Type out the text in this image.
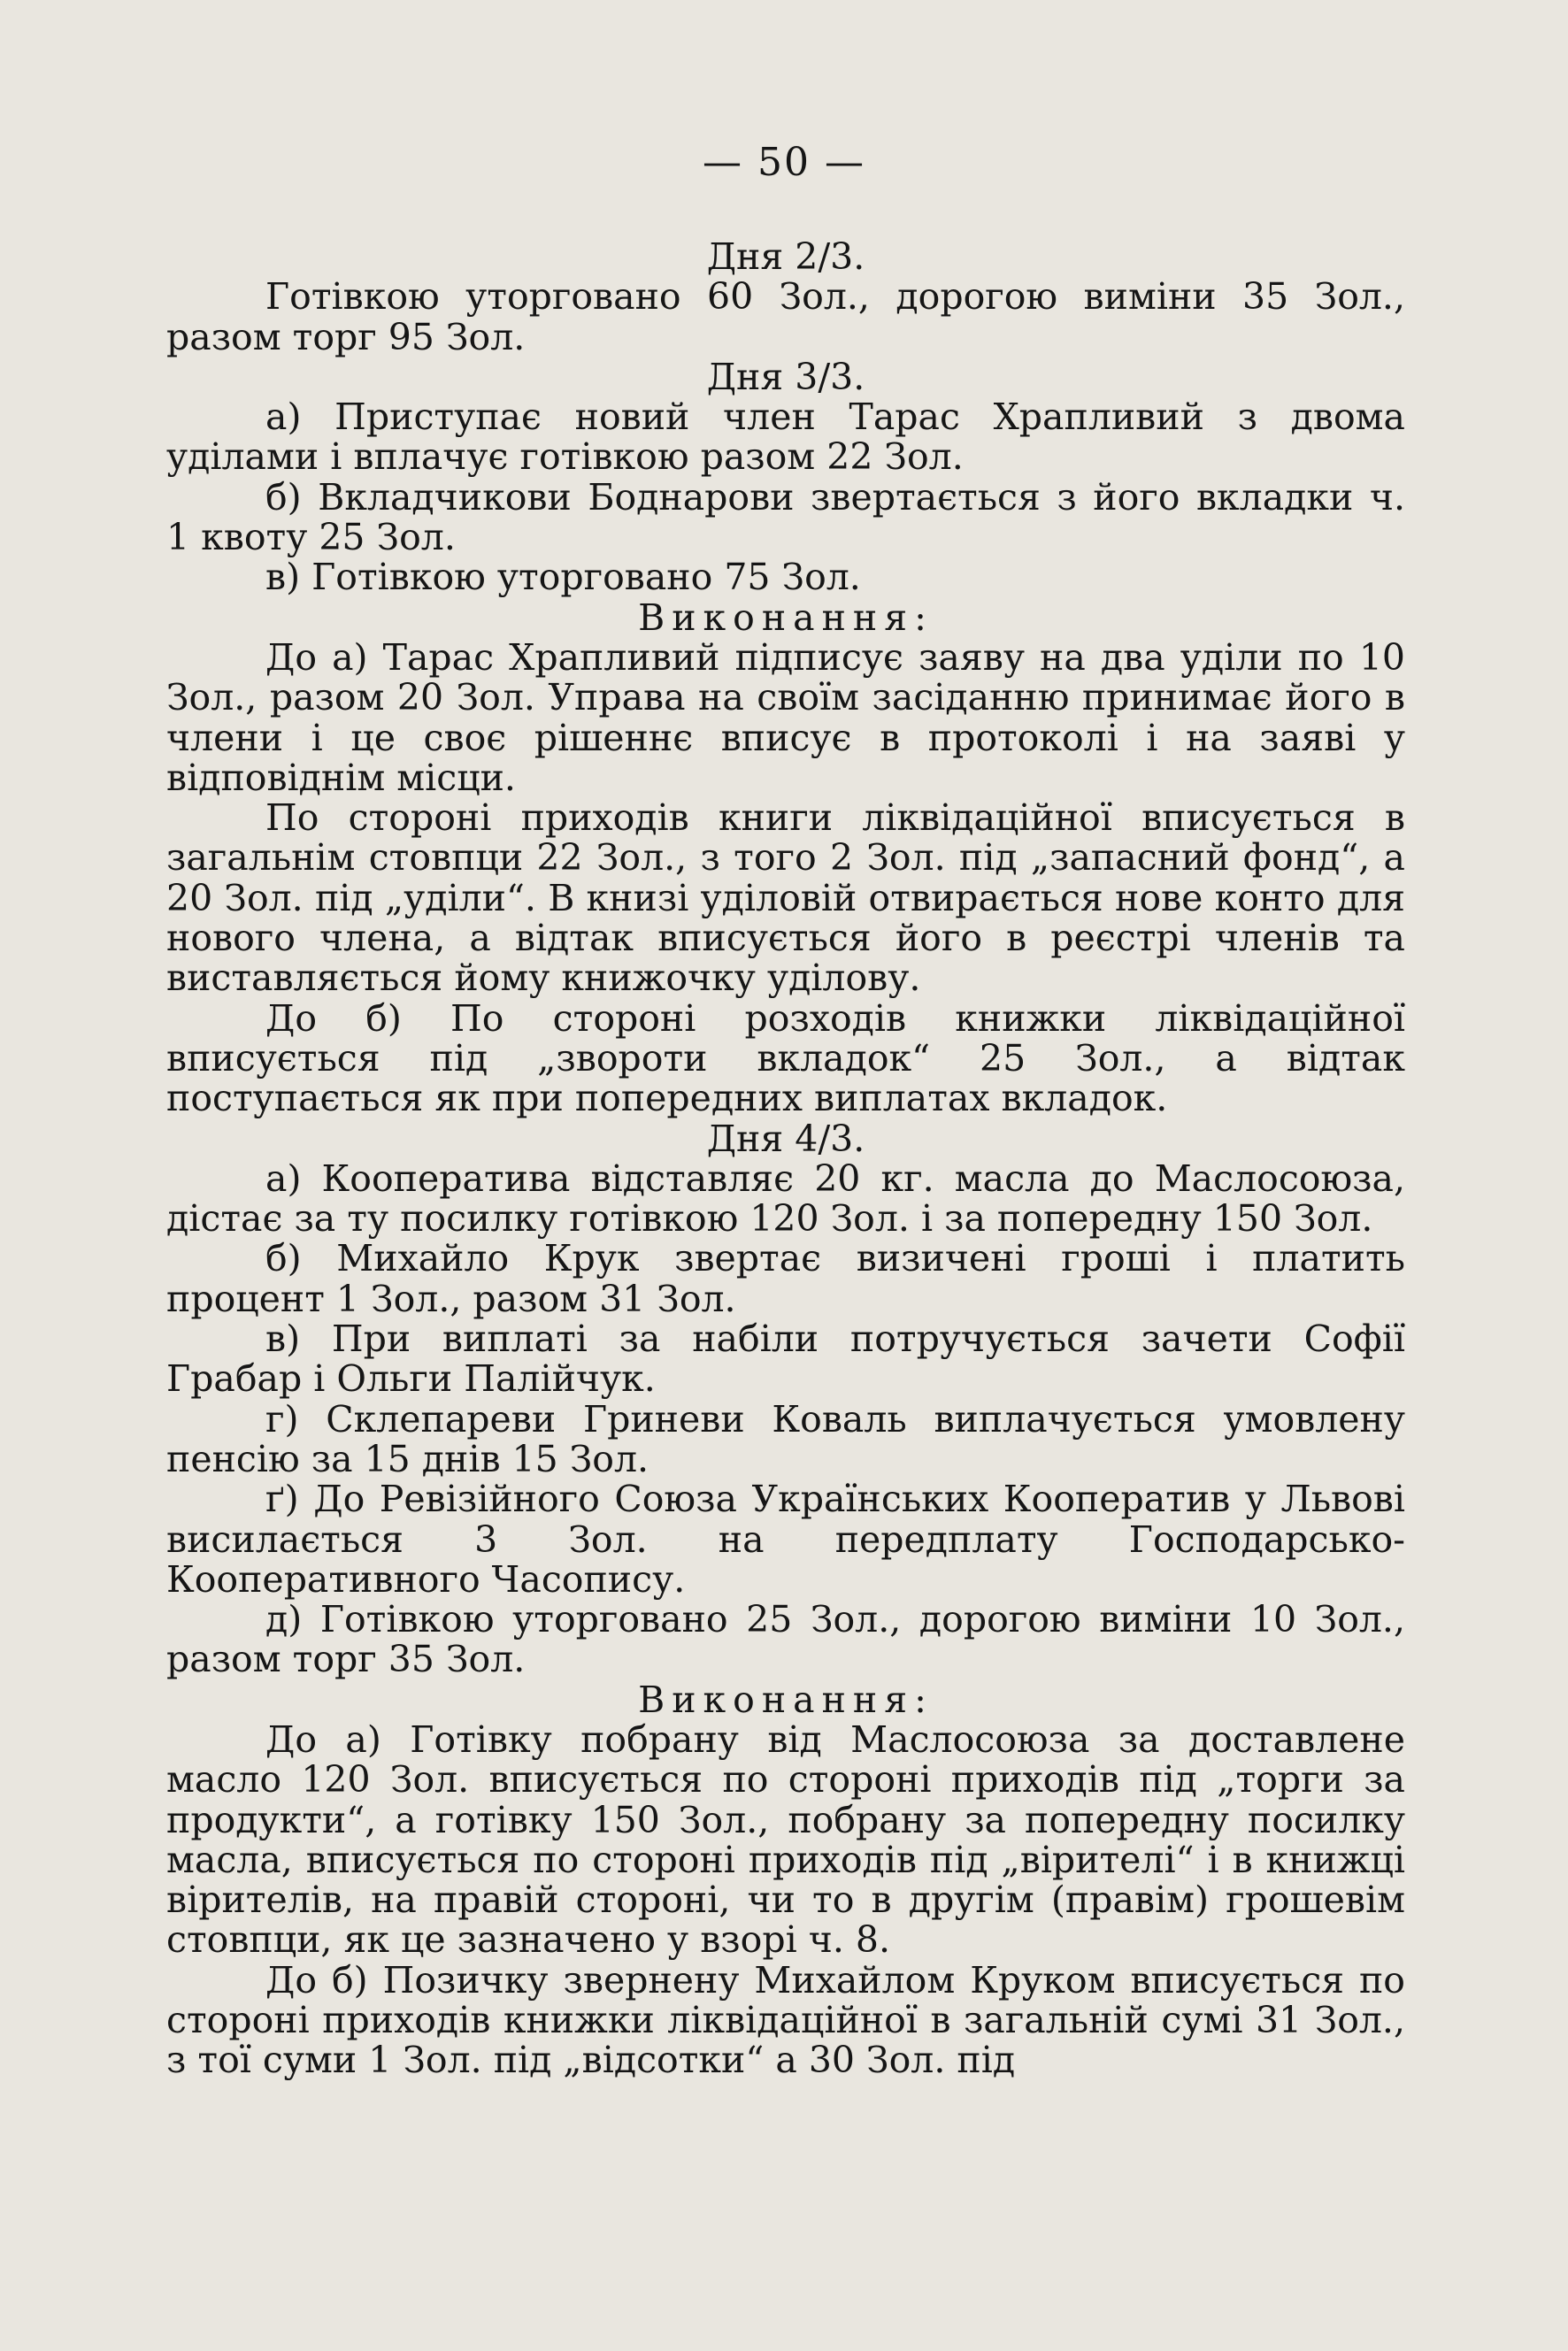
— 50 —
Дня 2/3.
Готівкою уторговано 60 Зол., дорогою виміни 35 Зол., разом торг 95 Зол.
Дня 3/3.
а) Приступає новий член Тарас Храпливий з двома уділами і вплачує готівкою разом 22 Зол.
б) Вкладчикови Боднарови звертається з його вкладки ч. 1 квоту 25 Зол.
в) Готівкою уторговано 75 Зол.
Виконання:
До а) Тарас Храпливий підписує заяву на два уділи по 10 Зол., разом 20 Зол. Управа на своїм засіданню принимає його в члени і це своє рішеннє вписує в протоколі і на заяві у відповіднім місци.
По стороні приходів книги ліквідаційної вписується в загальнім стовпци 22 Зол., з того 2 Зол. під „запасний фонд“, а 20 Зол. під „уділи“. В книзі уділовій отвирається нове конто для нового члена, а відтак вписується його в реєстрі членів та виставляється йому книжочку уділову.
До б) По стороні розходів книжки ліквідаційної вписується під „звороти вкладок“ 25 Зол., а відтак поступається як при попередних виплатах вкладок.
Дня 4/3.
а) Кооператива відставляє 20 кг. масла до Маслосоюза, дістає за ту посилку готівкою 120 Зол. і за попередну 150 Зол.
б) Михайло Крук звертає визичені гроші і платить процент 1 Зол., разом 31 Зол.
в) При виплаті за набіли потручується зачети Софії Грабар і Ольги Палійчук.
г) Склепареви Гриневи Коваль виплачується умовлену пенсію за 15 днів 15 Зол.
ґ) До Ревізійного Союза Українських Кооператив у Львові висилається 3 Зол. на передплату Господарсько-Кооперативного Часопису.
д) Готівкою уторговано 25 Зол., дорогою виміни 10 Зол., разом торг 35 Зол.
Виконання:
До а) Готівку побрану від Маслосоюза за доставлене масло 120 Зол. вписується по стороні приходів під „торги за продукти“, а готівку 150 Зол., побрану за попередну посилку масла, вписується по стороні приходів під „вірителі“ і в книжці вірителів, на правій стороні, чи то в другім (правім) грошевім стовпци, як це зазначено у взорі ч. 8.
До б) Позичку звернену Михайлом Круком вписується по стороні приходів книжки ліквідаційної в загальній сумі 31 Зол., з тої суми 1 Зол. під „відсотки“ а 30 Зол. під
